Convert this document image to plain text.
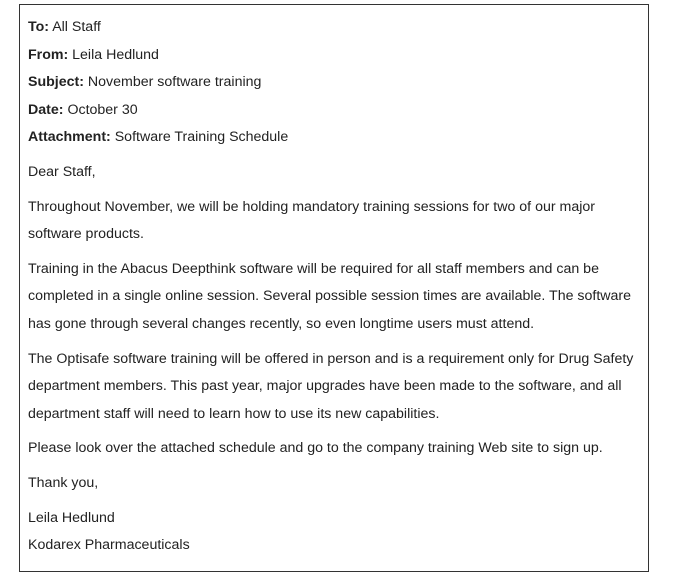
To: All Staff

From: Leila Hedlund

Subject: November software training

Date: October 30

Attachment: Software Training Schedule

Dear Staff,

Throughout November, we will be holding mandatory training sessions for two of our major software products.

Training in the Abacus Deepthink software will be required for all staff members and can be completed in a single online session. Several possible session times are available. The software has gone through several changes recently, so even longtime users must attend.

The Optisafe software training will be offered in person and is a requirement only for Drug Safety department members. This past year, major upgrades have been made to the software, and all department staff will need to learn how to use its new capabilities.

Please look over the attached schedule and go to the company training Web site to sign up.

Thank you,

Leila Hedlund

Kodarex Pharmaceuticals
